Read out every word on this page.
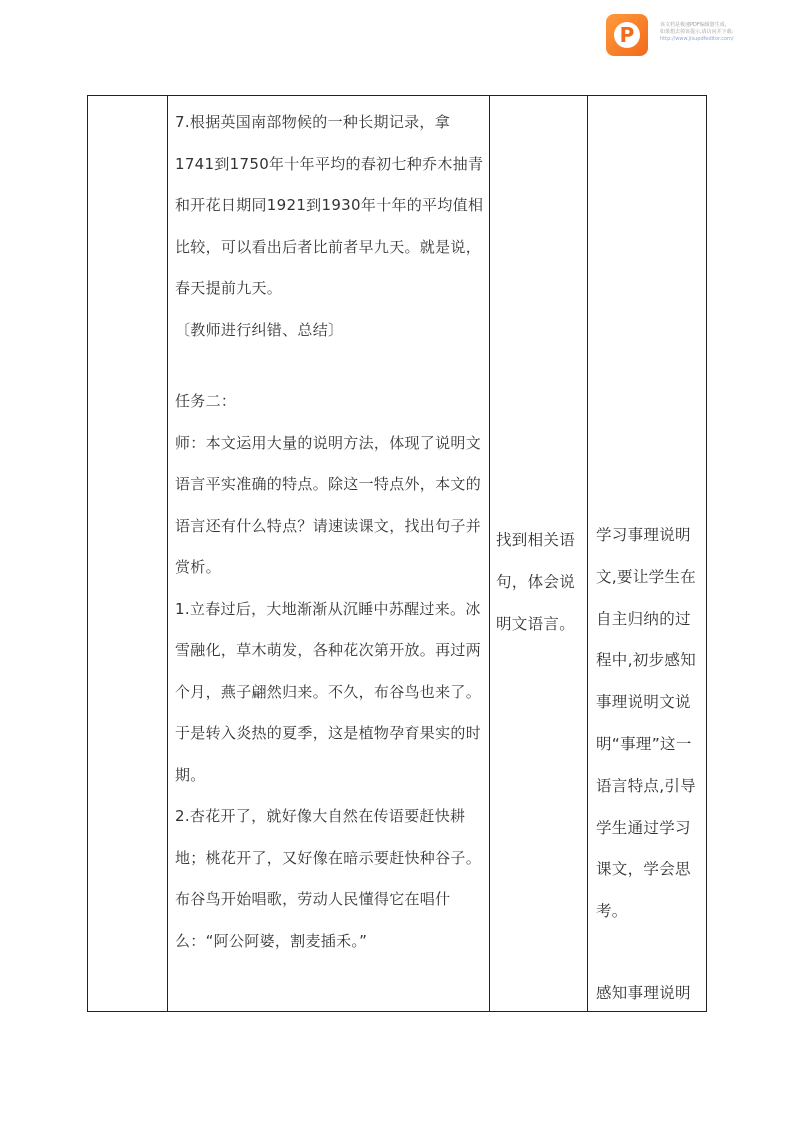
P	该文档是极速PDF编辑器生成,
如果想去掉该提示,请访问并下载:
http://www.jisupdfeditor.com/

7.根据英国南部物候的一种长期记录，拿1741到1750年十年平均的春初七种乔木抽青和开花日期同1921到1930年十年的平均值相比较，可以看出后者比前者早九天。就是说，春天提前九天。

〔教师进行纠错、总结〕

任务二：

师：本文运用大量的说明方法，体现了说明文语言平实准确的特点。除这一特点外，本文的语言还有什么特点？请速读课文，找出句子并赏析。

1.立春过后，大地渐渐从沉睡中苏醒过来。冰雪融化，草木萌发，各种花次第开放。再过两个月，燕子翩然归来。不久，布谷鸟也来了。于是转入炎热的夏季，这是植物孕育果实的时期。

2.杏花开了，就好像大自然在传语要赶快耕地；桃花开了，又好像在暗示要赶快种谷子。布谷鸟开始唱歌，劳动人民懂得它在唱什么：“阿公阿婆，割麦插禾。”

找到相关语句，体会说明文语言。
学习事理说明文,要让学生在自主归纳的过程中,初步感知事理说明文说明“事理”这一语言特点,引导学生通过学习课文，学会思考。
感知事理说明
